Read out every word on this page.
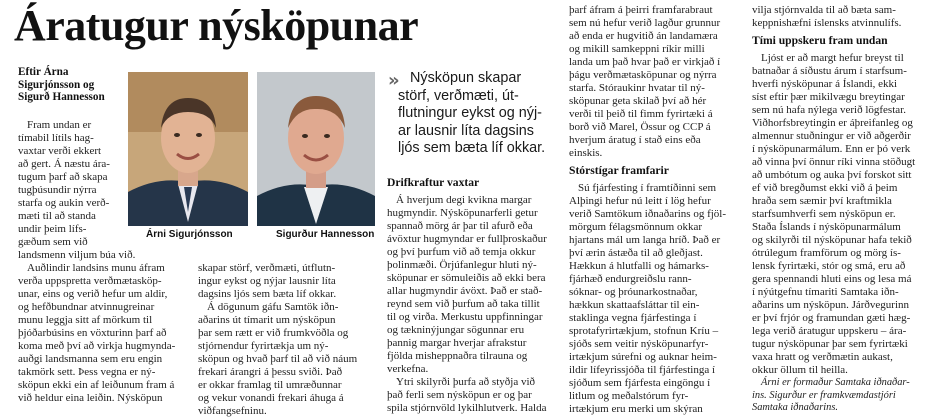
Áratugur nýsköpunar
Eftir Árna Sigurjónsson og Sigurð Hannesson
Árni Sigurjónsson	Sigurður Hannesson

Fram undan er

tímabil lítils hag-

vaxtar verði ekkert

að gert. Á næstu ára-

tugum þarf að skapa

tugþúsundir nýrra

starfa og aukin verð-

mæti til að standa

undir þeim lífs-

gæðum sem við

landsmenn viljum búa við.

Auðlindir landsins munu áfram

verða uppspretta verðmætasköp-

unar, eins og verið hefur um aldir,

og hefðbundnar atvinnugreinar

munu leggja sitt af mörkum til

þjóðarbúsins en vöxturinn þarf að

koma með því að virkja hugmynda-

auðgi landsmanna sem eru engin

takmörk sett. Þess vegna er ný-

sköpun ekki ein af leiðunum fram á

við heldur eina leiðin. Nýsköpun

skapar störf, verðmæti, útflutn-

ingur eykst og nýjar lausnir líta

dagsins ljós sem bæta líf okkar.

Á dögunum gáfu Samtök iðn-

aðarins út tímarit um nýsköpun

þar sem rætt er við frumkvöðla og

stjórnendur fyrirtækja um ný-

sköpun og hvað þarf til að við náum

frekari árangri á þessu sviði. Það

er okkar framlag til umræðunnar

og vekur vonandi frekari áhuga á

viðfangsefninu.

» Nýsköpun skapar

störf, verðmæti, út-

flutningur eykst og nýj-

ar lausnir líta dagsins

ljós sem bæta líf okkar.

Drifkraftur vaxtar

Á hverjum degi kvikna margar

hugmyndir. Nýsköpunarferli getur

spannað mörg ár þar til afurð eða

ávöxtur hugmyndar er fullþroskaður

og því þurfum við að temja okkur

þolinmæði. Örjúfanlegur hluti ný-

sköpunar er sömuleiðis að ekki bera

allar hugmyndir ávöxt. Það er stað-

reynd sem við þurfum að taka tillit

til og virða. Merkustu uppfinningar

og tækninýjungar sögunnar eru

þannig margar hverjar afrakstur

fjölda misheppnaðra tilrauna og

verkefna.

Ytri skilyrði þurfa að styðja við

það ferli sem nýsköpun er og þar

spila stjórnvöld lykilhlutverk. Halda

þarf áfram á þeirri framfarabraut

sem nú hefur verið lagður grunnur

að enda er hugvitið án landamæra

og mikill samkeppni ríkir milli

landa um það hvar það er virkjað í

þágu verðmætasköpunar og nýrra

starfa. Stóraukinr hvatar til ný-

sköpunar geta skilað því að hér

verði til þeið til fimm fyrirtæki á

borð við Marel, Össur og CCP á

hverjum áratug í stað eins eða

einskis.

Stórstígar framfarir

Sú fjárfesting í framtíðinni sem

Alþingi hefur nú leitt í lög hefur

verið Samtökum iðnaðarins og fjöl-

mörgum félagsmönnum okkar

hjartans mál um langa hríð. Það er

því ærin ástæða til að gleðjast.

Hækkun á hlutfalli og hámarks-

fjárhæð endurgreiðslu rann-

sóknar- og þróunarkostnaðar,

hækkun skattaafsláttar til ein-

staklinga vegna fjárfestinga í

sprotafyrirtækjum, stofnun Kríu –

sjóðs sem veitir nýsköpunarfyr-

irtækjum súrefni og auknar heim-

ildir lífeyrissjóða til fjárfestinga í

sjóðum sem fjárfesta eingöngu í

litlum og meðalstórum fyr-

irtækjum eru merki um skýran

vilja stjórnvalda til að bæta sam-

keppnishæfni íslensks atvinnulífs.

Tími uppskeru fram undan

Ljóst er að margt hefur breyst til

batnaðar á síðustu árum í starfsum-

hverfi nýsköpunar á Íslandi, ekki

síst eftir þær mikilvægu breytingar

sem nú hafa nýlega verið lögfestar.

Viðhorfsbreytingin er áþreifanleg og

almennur stuðningur er við aðgerðir

í nýsköpunarmálum. Enn er þó verk

að vinna því önnur ríki vinna stöðugt

að umbótum og auka því forskot sitt

ef við bregðumst ekki við á þeim

hraða sem sæmir því kraftmikla

starfsumhverfi sem nýsköpun er.

Staða Íslands í nýsköpunarmálum

og skilyrði til nýsköpunar hafa tekið

ótrúlegum framförum og mörg ís-

lensk fyrirtæki, stór og smá, eru að

gera spennandi hluti eins og lesa má

í nýútgefnu tímariti Samtaka iðn-

aðarins um nýsköpun. Járðvegurinn

er því frjór og framundan gæti hæg-

lega verið áratugur uppskeru – ára-

tugur nýsköpunar þar sem fyrirtæki

vaxa hratt og verðmætin aukast,

okkur öllum til heilla.

Árni er formaður Samtaka iðnaðar-

ins. Sigurður er framkvæmdastjóri

Samtaka iðnaðarins.
